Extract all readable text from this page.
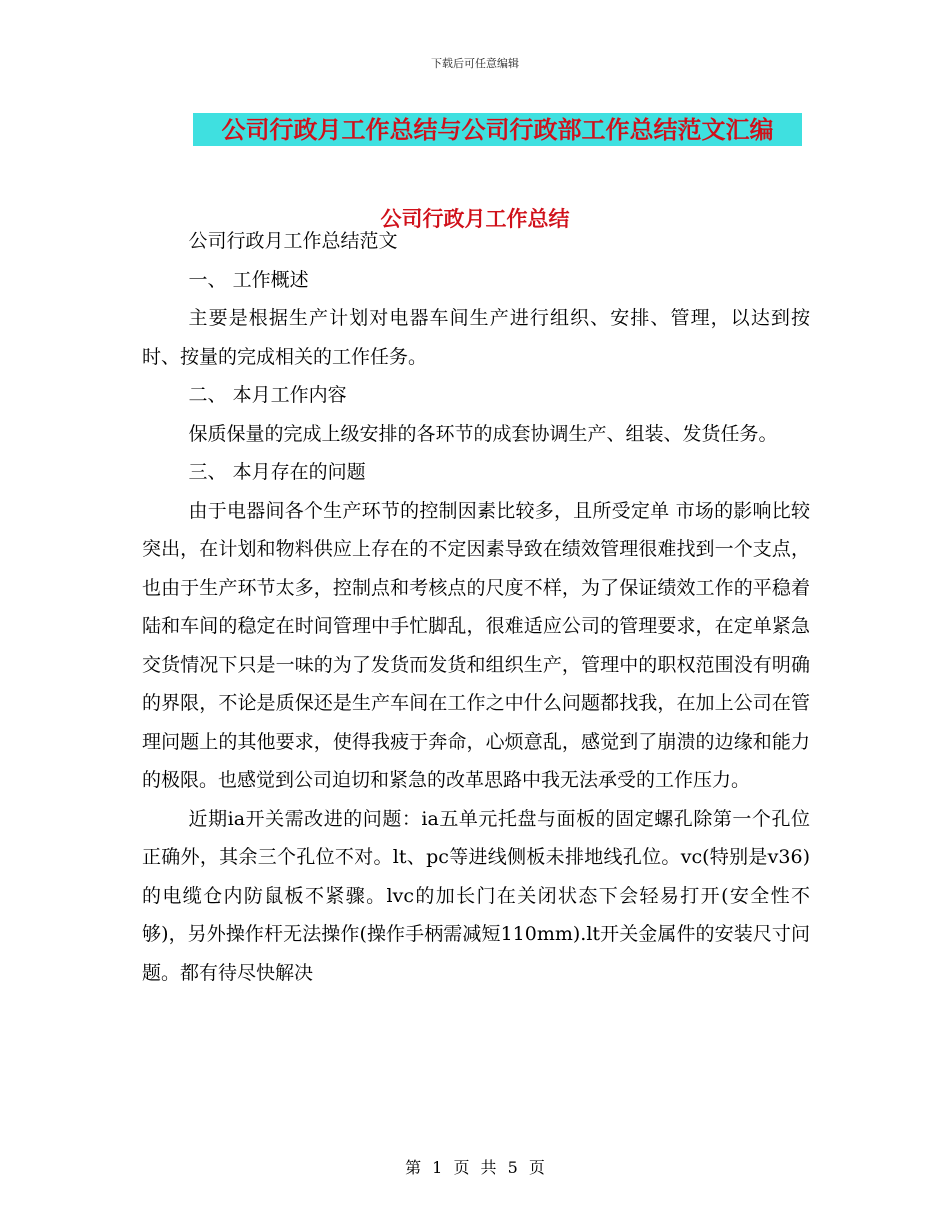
下载后可任意编辑
公司行政月工作总结与公司行政部工作总结范文汇编
公司行政月工作总结

公司行政月工作总结范文

一、 工作概述

主要是根据生产计划对电器车间生产进行组织、安排、管理，以达到按时、按量的完成相关的工作任务。

二、 本月工作内容

保质保量的完成上级安排的各环节的成套协调生产、组装、发货任务。

三、 本月存在的问题

由于电器间各个生产环节的控制因素比较多，且所受定单 市场的影响比较突出，在计划和物料供应上存在的不定因素导致在绩效管理很难找到一个支点，也由于生产环节太多，控制点和考核点的尺度不样，为了保证绩效工作的平稳着陆和车间的稳定在时间管理中手忙脚乱，很难适应公司的管理要求，在定单紧急交货情况下只是一味的为了发货而发货和组织生产，管理中的职权范围没有明确的界限，不论是质保还是生产车间在工作之中什么问题都找我，在加上公司在管理问题上的其他要求，使得我疲于奔命，心烦意乱，感觉到了崩溃的边缘和能力的极限。也感觉到公司迫切和紧急的改革思路中我无法承受的工作压力。

近期ia开关需改进的问题：ia五单元托盘与面板的固定螺孔除第一个孔位正确外，其余三个孔位不对。lt、pc等进线侧板未排地线孔位。vc(特别是v36)的电缆仓内防鼠板不紧骤。lvc的加长门在关闭状态下会轻易打开(安全性不够)，另外操作杆无法操作(操作手柄需减短110mm).lt开关金属件的安装尺寸问题。都有待尽快解决

第 1 页 共 5 页
